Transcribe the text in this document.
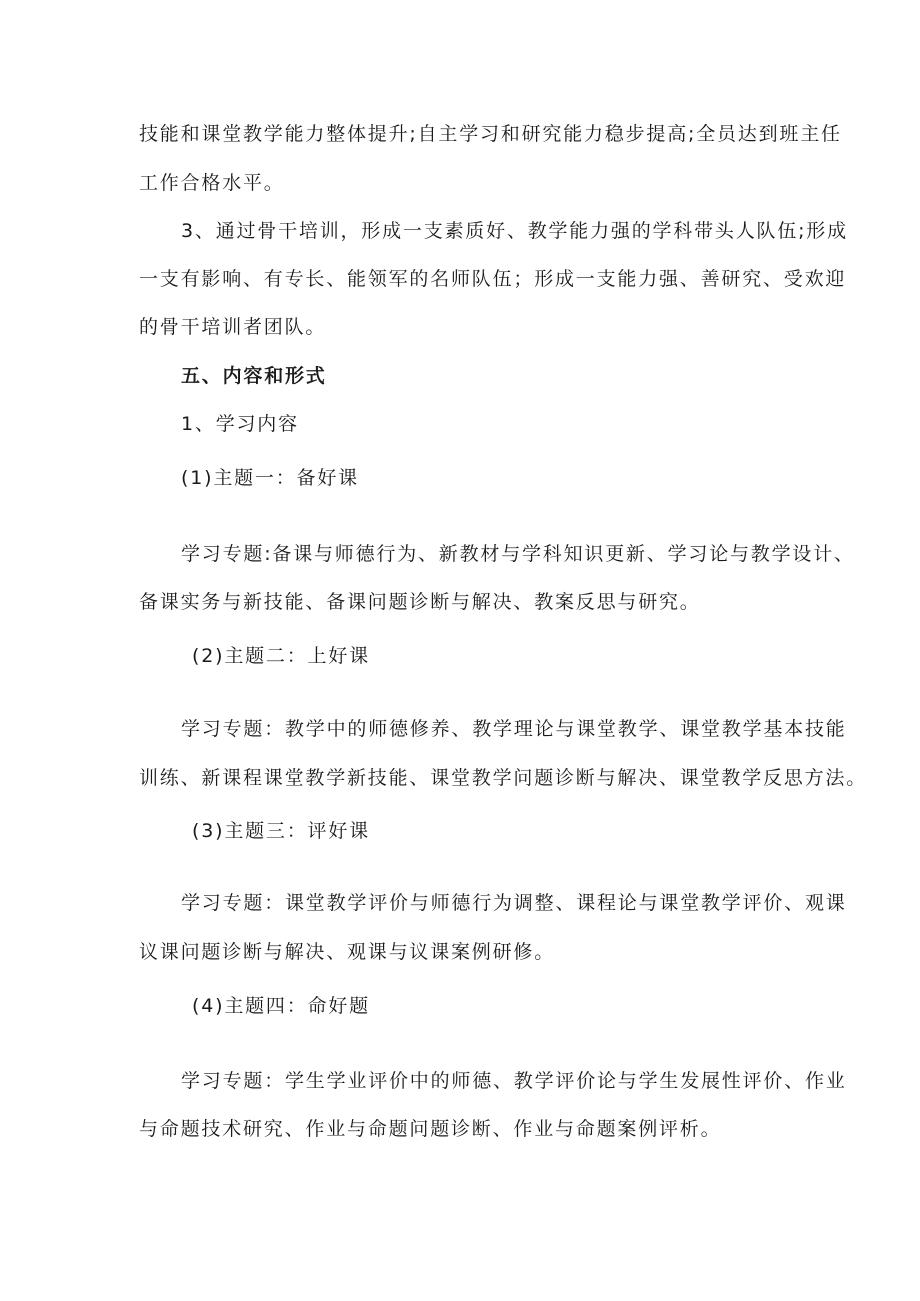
技能和课堂教学能力整体提升;自主学习和研究能力稳步提高;全员达到班主任
工作合格水平。
3、通过骨干培训，形成一支素质好、教学能力强的学科带头人队伍;形成
一支有影响、有专长、能领军的名师队伍；形成一支能力强、善研究、受欢迎
的骨干培训者团队。
五、内容和形式
1、学习内容
(1)主题一：备好课
学习专题:备课与师德行为、新教材与学科知识更新、学习论与教学设计、
备课实务与新技能、备课问题诊断与解决、教案反思与研究。
(2)主题二：上好课
学习专题：教学中的师德修养、教学理论与课堂教学、课堂教学基本技能
训练、新课程课堂教学新技能、课堂教学问题诊断与解决、课堂教学反思方法。
(3)主题三：评好课
学习专题：课堂教学评价与师德行为调整、课程论与课堂教学评价、观课
议课问题诊断与解决、观课与议课案例研修。
(4)主题四：命好题
学习专题：学生学业评价中的师德、教学评价论与学生发展性评价、作业
与命题技术研究、作业与命题问题诊断、作业与命题案例评析。
